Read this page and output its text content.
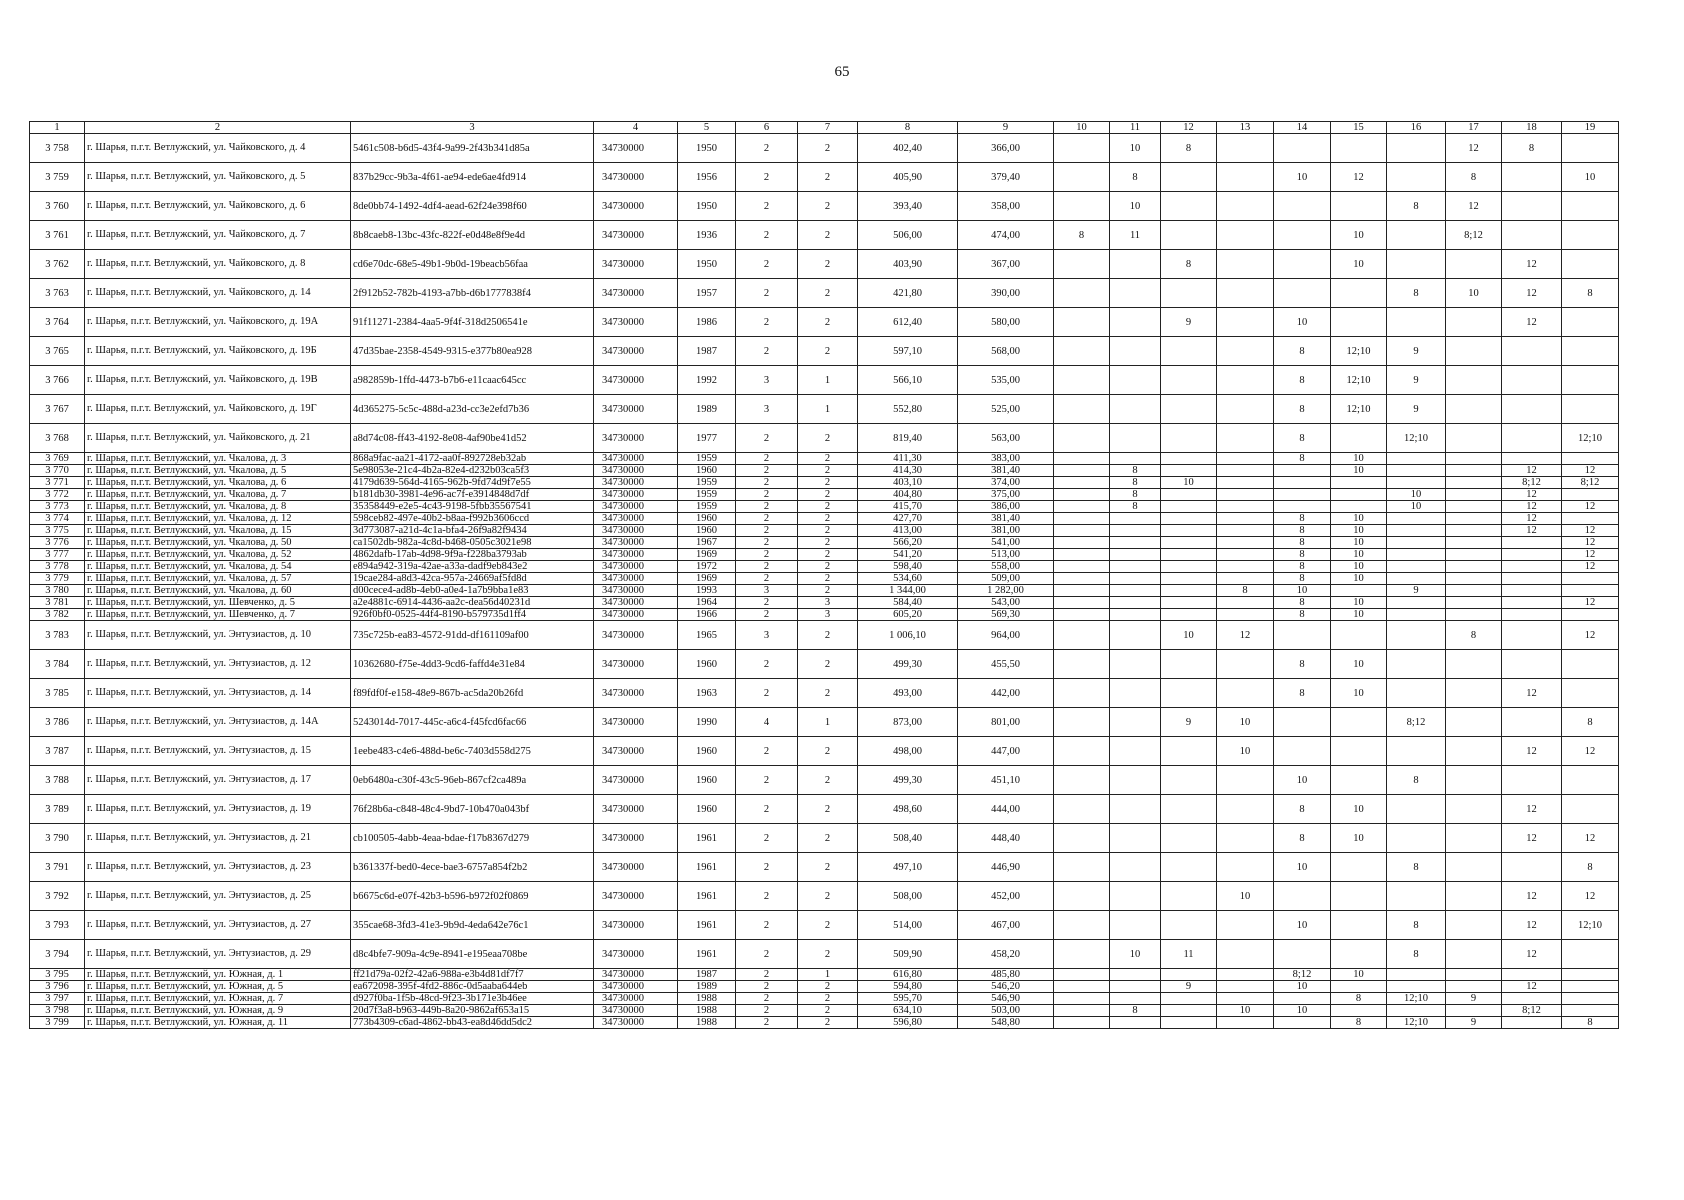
65
1	2	3	4	5	6	7	8	9	10	11	12	13	14	15	16	17	18	19
3 758	г. Шарья, п.г.т. Ветлужский, ул. Чайковского, д. 4	5461c508-b6d5-43f4-9a99-2f43b341d85a	34730000	1950	2	2	402,40	366,00		10	8					12	8	
3 759	г. Шарья, п.г.т. Ветлужский, ул. Чайковского, д. 5	837b29cc-9b3a-4f61-ae94-ede6ae4fd914	34730000	1956	2	2	405,90	379,40		8			10	12		8		10
3 760	г. Шарья, п.г.т. Ветлужский, ул. Чайковского, д. 6	8de0bb74-1492-4df4-aead-62f24e398f60	34730000	1950	2	2	393,40	358,00		10					8	12		
3 761	г. Шарья, п.г.т. Ветлужский, ул. Чайковского, д. 7	8b8caeb8-13bc-43fc-822f-e0d48e8f9e4d	34730000	1936	2	2	506,00	474,00	8	11				10		8;12		
3 762	г. Шарья, п.г.т. Ветлужский, ул. Чайковского, д. 8	cd6e70dc-68e5-49b1-9b0d-19beacb56faa	34730000	1950	2	2	403,90	367,00			8			10			12	
3 763	г. Шарья, п.г.т. Ветлужский, ул. Чайковского, д. 14	2f912b52-782b-4193-a7bb-d6b1777838f4	34730000	1957	2	2	421,80	390,00							8	10	12	8
3 764	г. Шарья, п.г.т. Ветлужский, ул. Чайковского, д. 19А	91f11271-2384-4aa5-9f4f-318d2506541e	34730000	1986	2	2	612,40	580,00			9		10				12	
3 765	г. Шарья, п.г.т. Ветлужский, ул. Чайковского, д. 19Б	47d35bae-2358-4549-9315-e377b80ea928	34730000	1987	2	2	597,10	568,00					8	12;10	9			
3 766	г. Шарья, п.г.т. Ветлужский, ул. Чайковского, д. 19В	a982859b-1ffd-4473-b7b6-e11caac645cc	34730000	1992	3	1	566,10	535,00					8	12;10	9			
3 767	г. Шарья, п.г.т. Ветлужский, ул. Чайковского, д. 19Г	4d365275-5c5c-488d-a23d-cc3e2efd7b36	34730000	1989	3	1	552,80	525,00					8	12;10	9			
3 768	г. Шарья, п.г.т. Ветлужский, ул. Чайковского, д. 21	a8d74c08-ff43-4192-8e08-4af90be41d52	34730000	1977	2	2	819,40	563,00					8		12;10			12;10
3 769	г. Шарья, п.г.т. Ветлужский, ул. Чкалова, д. 3	868a9fac-aa21-4172-aa0f-892728eb32ab	34730000	1959	2	2	411,30	383,00					8	10				
3 770	г. Шарья, п.г.т. Ветлужский, ул. Чкалова, д. 5	5e98053e-21c4-4b2a-82e4-d232b03ca5f3	34730000	1960	2	2	414,30	381,40		8				10			12	12
3 771	г. Шарья, п.г.т. Ветлужский, ул. Чкалова, д. 6	4179d639-564d-4165-962b-9fd74d9f7e55	34730000	1959	2	2	403,10	374,00		8	10						8;12	8;12
3 772	г. Шарья, п.г.т. Ветлужский, ул. Чкалова, д. 7	b181db30-3981-4e96-ac7f-e3914848d7df	34730000	1959	2	2	404,80	375,00		8					10		12	
3 773	г. Шарья, п.г.т. Ветлужский, ул. Чкалова, д. 8	35358449-e2e5-4c43-9198-5fbb35567541	34730000	1959	2	2	415,70	386,00		8					10		12	12
3 774	г. Шарья, п.г.т. Ветлужский, ул. Чкалова, д. 12	598ceb82-497e-40b2-b8aa-f992b3606ccd	34730000	1960	2	2	427,70	381,40					8	10			12	
3 775	г. Шарья, п.г.т. Ветлужский, ул. Чкалова, д. 15	3d773087-a21d-4c1a-bfa4-26f9a82f9434	34730000	1960	2	2	413,00	381,00					8	10			12	12
3 776	г. Шарья, п.г.т. Ветлужский, ул. Чкалова, д. 50	ca1502db-982a-4c8d-b468-0505c3021e98	34730000	1967	2	2	566,20	541,00					8	10				12
3 777	г. Шарья, п.г.т. Ветлужский, ул. Чкалова, д. 52	4862dafb-17ab-4d98-9f9a-f228ba3793ab	34730000	1969	2	2	541,20	513,00					8	10				12
3 778	г. Шарья, п.г.т. Ветлужский, ул. Чкалова, д. 54	e894a942-319a-42ae-a33a-dadf9eb843e2	34730000	1972	2	2	598,40	558,00					8	10				12
3 779	г. Шарья, п.г.т. Ветлужский, ул. Чкалова, д. 57	19cae284-a8d3-42ca-957a-24669af5fd8d	34730000	1969	2	2	534,60	509,00					8	10				
3 780	г. Шарья, п.г.т. Ветлужский, ул. Чкалова, д. 60	d00cece4-ad8b-4eb0-a0e4-1a7b9bba1e83	34730000	1993	3	2	1 344,00	1 282,00				8	10		9			
3 781	г. Шарья, п.г.т. Ветлужский, ул. Шевченко, д. 5	a2e4881c-6914-4436-aa2c-dea56d40231d	34730000	1964	2	3	584,40	543,00					8	10				12
3 782	г. Шарья, п.г.т. Ветлужский, ул. Шевченко, д. 7	926f0bf0-0525-44f4-8190-b579735d1ff4	34730000	1966	2	3	605,20	569,30					8	10				
3 783	г. Шарья, п.г.т. Ветлужский, ул. Энтузиастов, д. 10	735c725b-ea83-4572-91dd-df161109af00	34730000	1965	3	2	1 006,10	964,00			10	12				8		12
3 784	г. Шарья, п.г.т. Ветлужский, ул. Энтузиастов, д. 12	10362680-f75e-4dd3-9cd6-faffd4e31e84	34730000	1960	2	2	499,30	455,50					8	10				
3 785	г. Шарья, п.г.т. Ветлужский, ул. Энтузиастов, д. 14	f89fdf0f-e158-48e9-867b-ac5da20b26fd	34730000	1963	2	2	493,00	442,00					8	10			12	
3 786	г. Шарья, п.г.т. Ветлужский, ул. Энтузиастов, д. 14А	5243014d-7017-445c-a6c4-f45fcd6fac66	34730000	1990	4	1	873,00	801,00			9	10			8;12			8
3 787	г. Шарья, п.г.т. Ветлужский, ул. Энтузиастов, д. 15	1eebe483-c4e6-488d-be6c-7403d558d275	34730000	1960	2	2	498,00	447,00				10					12	12
3 788	г. Шарья, п.г.т. Ветлужский, ул. Энтузиастов, д. 17	0eb6480a-c30f-43c5-96eb-867cf2ca489a	34730000	1960	2	2	499,30	451,10					10		8			
3 789	г. Шарья, п.г.т. Ветлужский, ул. Энтузиастов, д. 19	76f28b6a-c848-48c4-9bd7-10b470a043bf	34730000	1960	2	2	498,60	444,00					8	10			12	
3 790	г. Шарья, п.г.т. Ветлужский, ул. Энтузиастов, д. 21	cb100505-4abb-4eaa-bdae-f17b8367d279	34730000	1961	2	2	508,40	448,40					8	10			12	12
3 791	г. Шарья, п.г.т. Ветлужский, ул. Энтузиастов, д. 23	b361337f-bed0-4ece-bae3-6757a854f2b2	34730000	1961	2	2	497,10	446,90					10		8			8
3 792	г. Шарья, п.г.т. Ветлужский, ул. Энтузиастов, д. 25	b6675c6d-e07f-42b3-b596-b972f02f0869	34730000	1961	2	2	508,00	452,00				10					12	12
3 793	г. Шарья, п.г.т. Ветлужский, ул. Энтузиастов, д. 27	355cae68-3fd3-41e3-9b9d-4eda642e76c1	34730000	1961	2	2	514,00	467,00					10		8		12	12;10
3 794	г. Шарья, п.г.т. Ветлужский, ул. Энтузиастов, д. 29	d8c4bfe7-909a-4c9e-8941-e195eaa708be	34730000	1961	2	2	509,90	458,20		10	11				8		12	
3 795	г. Шарья, п.г.т. Ветлужский, ул. Южная, д. 1	ff21d79a-02f2-42a6-988a-e3b4d81df7f7	34730000	1987	2	1	616,80	485,80					8;12	10				
3 796	г. Шарья, п.г.т. Ветлужский, ул. Южная, д. 5	ea672098-395f-4fd2-886c-0d5aaba644eb	34730000	1989	2	2	594,80	546,20			9		10				12	
3 797	г. Шарья, п.г.т. Ветлужский, ул. Южная, д. 7	d927f0ba-1f5b-48cd-9f23-3b171e3b46ee	34730000	1988	2	2	595,70	546,90						8	12;10	9		
3 798	г. Шарья, п.г.т. Ветлужский, ул. Южная, д. 9	20d7f3a8-b963-449b-8a20-9862af653a15	34730000	1988	2	2	634,10	503,00		8		10	10				8;12	
3 799	г. Шарья, п.г.т. Ветлужский, ул. Южная, д. 11	773b4309-c6ad-4862-bb43-ea8d46dd5dc2	34730000	1988	2	2	596,80	548,80						8	12;10	9		8
